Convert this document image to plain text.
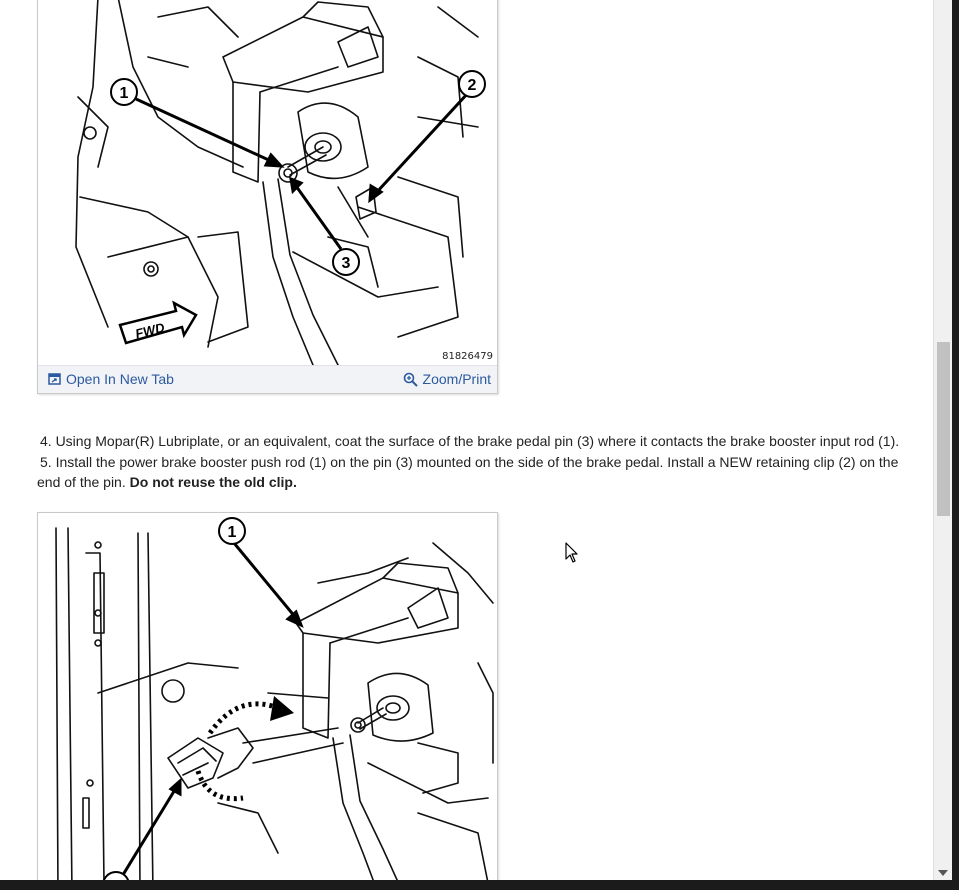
1	2
3
FWD
81826479
Open In New Tab	Zoom/Print

4. Using Mopar(R) Lubriplate, or an equivalent, coat the surface of the brake pedal pin (3) where it contacts the brake booster input rod (1).

5. Install the power brake booster push rod (1) on the pin (3) mounted on the side of the brake pedal. Install a NEW retaining clip (2) on the end of the pin. Do not reuse the old clip.

1
